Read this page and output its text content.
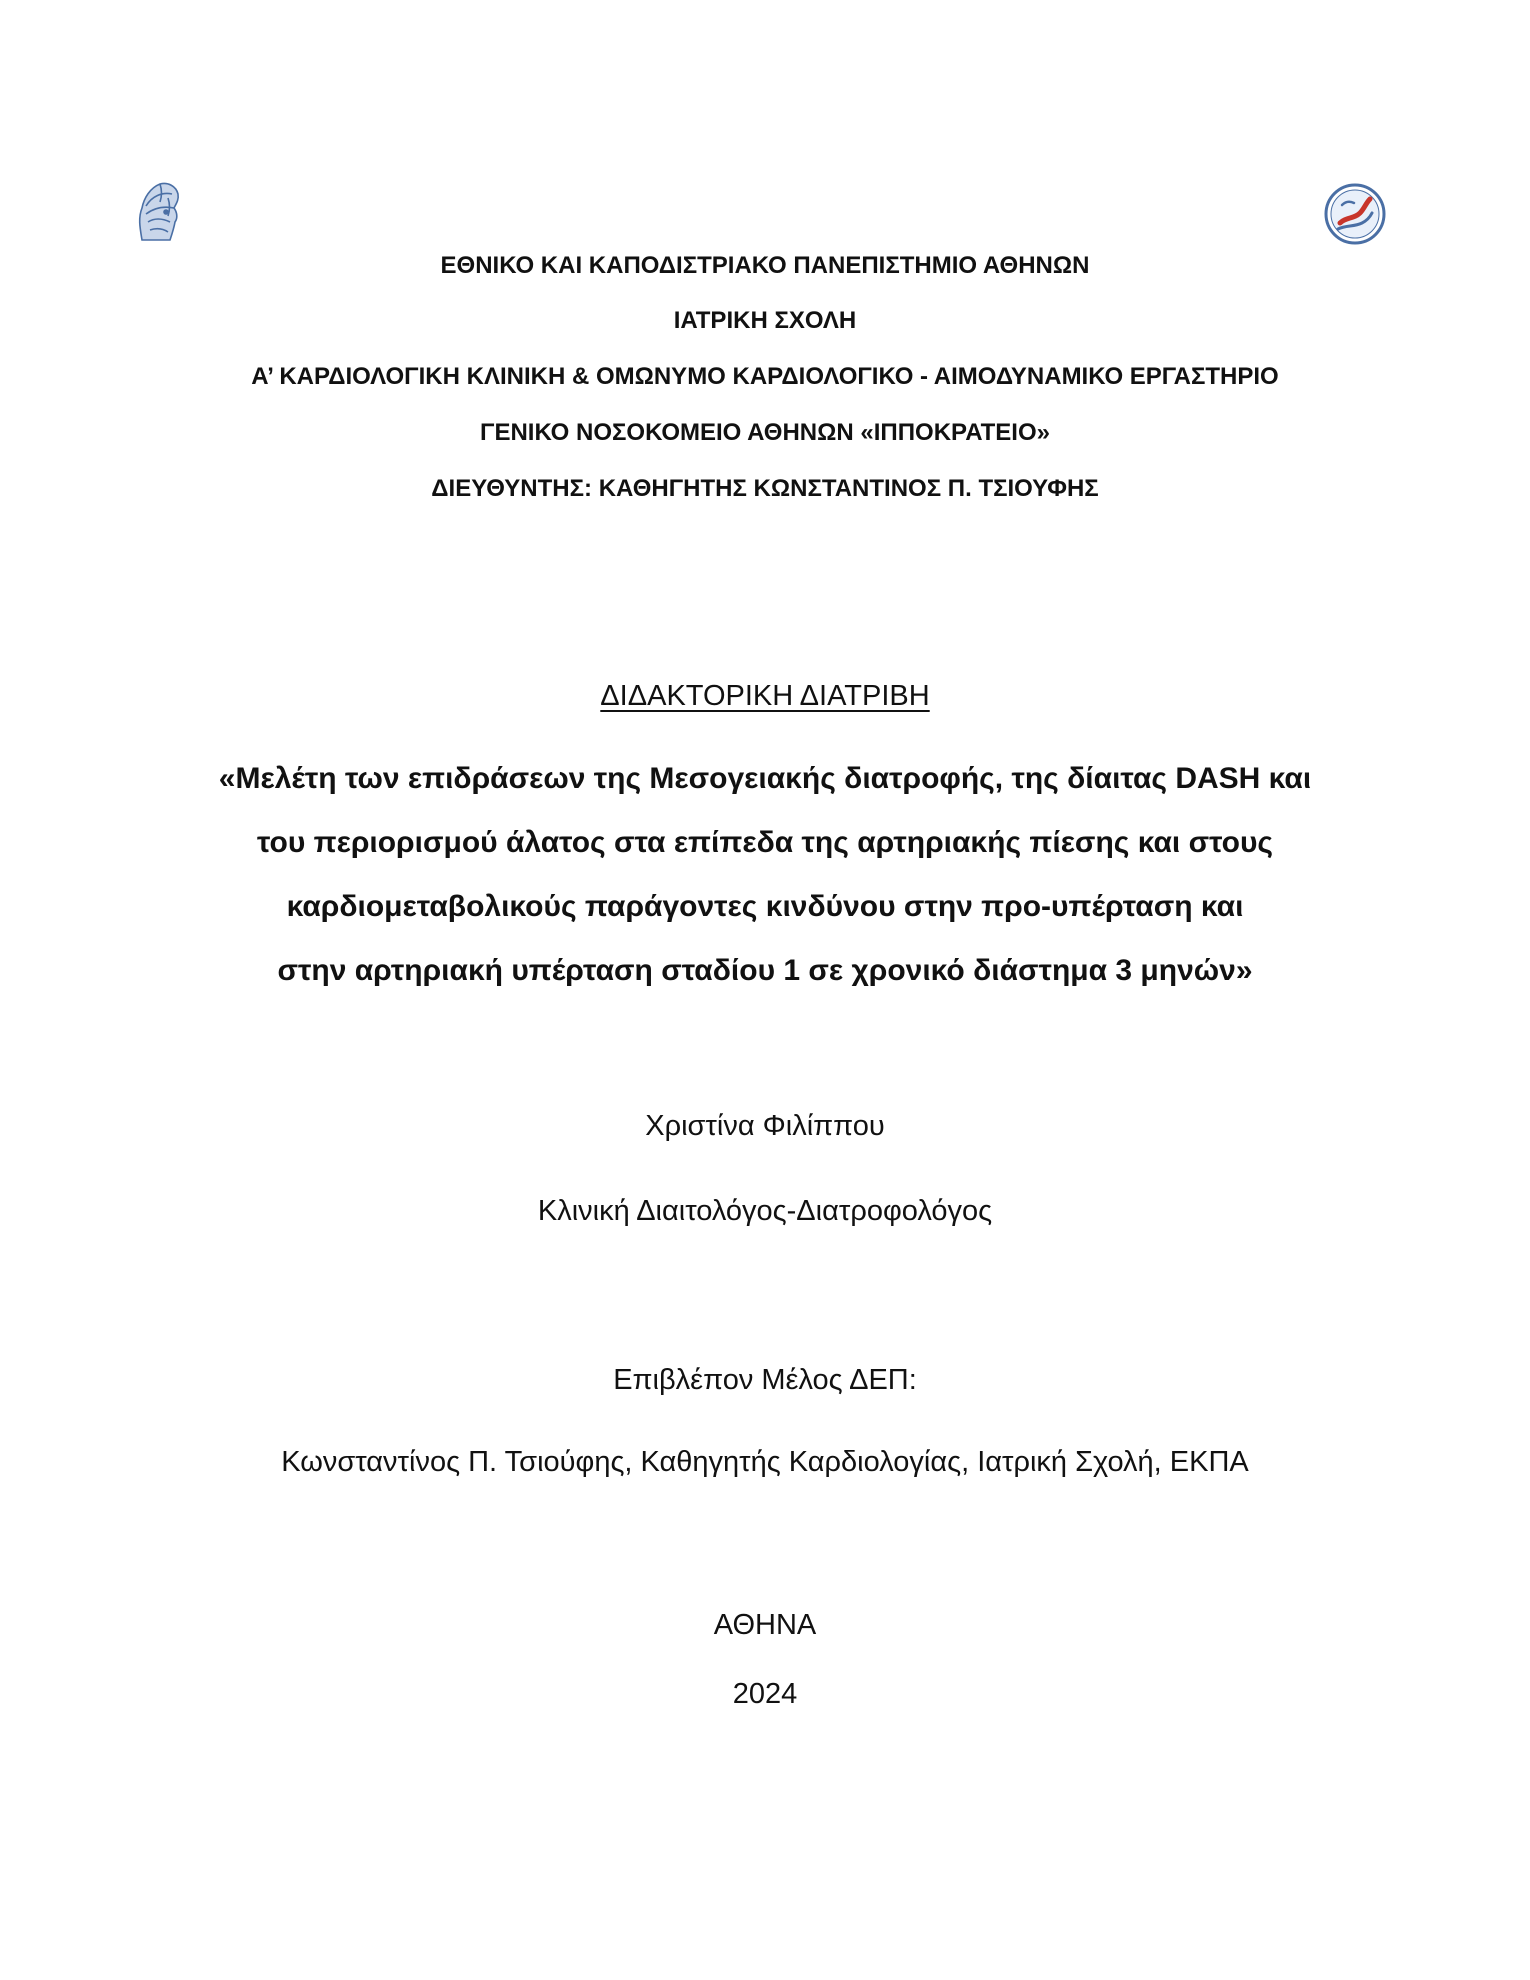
ΕΘΝΙΚΟ ΚΑΙ ΚΑΠΟΔΙΣΤΡΙΑΚΟ ΠΑΝΕΠΙΣΤΗΜΙΟ ΑΘΗΝΩΝ
ΙΑΤΡΙΚΗ ΣΧΟΛΗ
Α’ ΚΑΡΔΙΟΛΟΓΙΚΗ ΚΛΙΝΙΚΗ & ΟΜΩΝΥΜΟ ΚΑΡΔΙΟΛΟΓΙΚΟ - ΑΙΜΟΔΥΝΑΜΙΚΟ ΕΡΓΑΣΤΗΡΙΟ
ΓΕΝΙΚΟ ΝΟΣΟΚΟΜΕΙΟ ΑΘΗΝΩΝ «ΙΠΠΟΚΡΑΤΕΙΟ»
ΔΙΕΥΘΥΝΤΗΣ: ΚΑΘΗΓΗΤΗΣ ΚΩΝΣΤΑΝΤΙΝΟΣ Π. ΤΣΙΟΥΦΗΣ
ΔΙΔΑΚΤΟΡΙΚΗ ΔΙΑΤΡΙΒΗ
«Μελέτη των επιδράσεων της Μεσογειακής διατροφής, της δίαιτας DASH και
του περιορισμού άλατος στα επίπεδα της αρτηριακής πίεσης και στους
καρδιομεταβολικούς παράγοντες κινδύνου στην προ-υπέρταση και
στην αρτηριακή υπέρταση σταδίου 1 σε χρονικό διάστημα 3 μηνών»
Χριστίνα Φιλίππου
Κλινική Διαιτολόγος-Διατροφολόγος
Επιβλέπον Μέλος ΔΕΠ:
Κωνσταντίνος Π. Τσιούφης, Καθηγητής Καρδιολογίας, Ιατρική Σχολή, ΕΚΠΑ
ΑΘΗΝΑ
2024
